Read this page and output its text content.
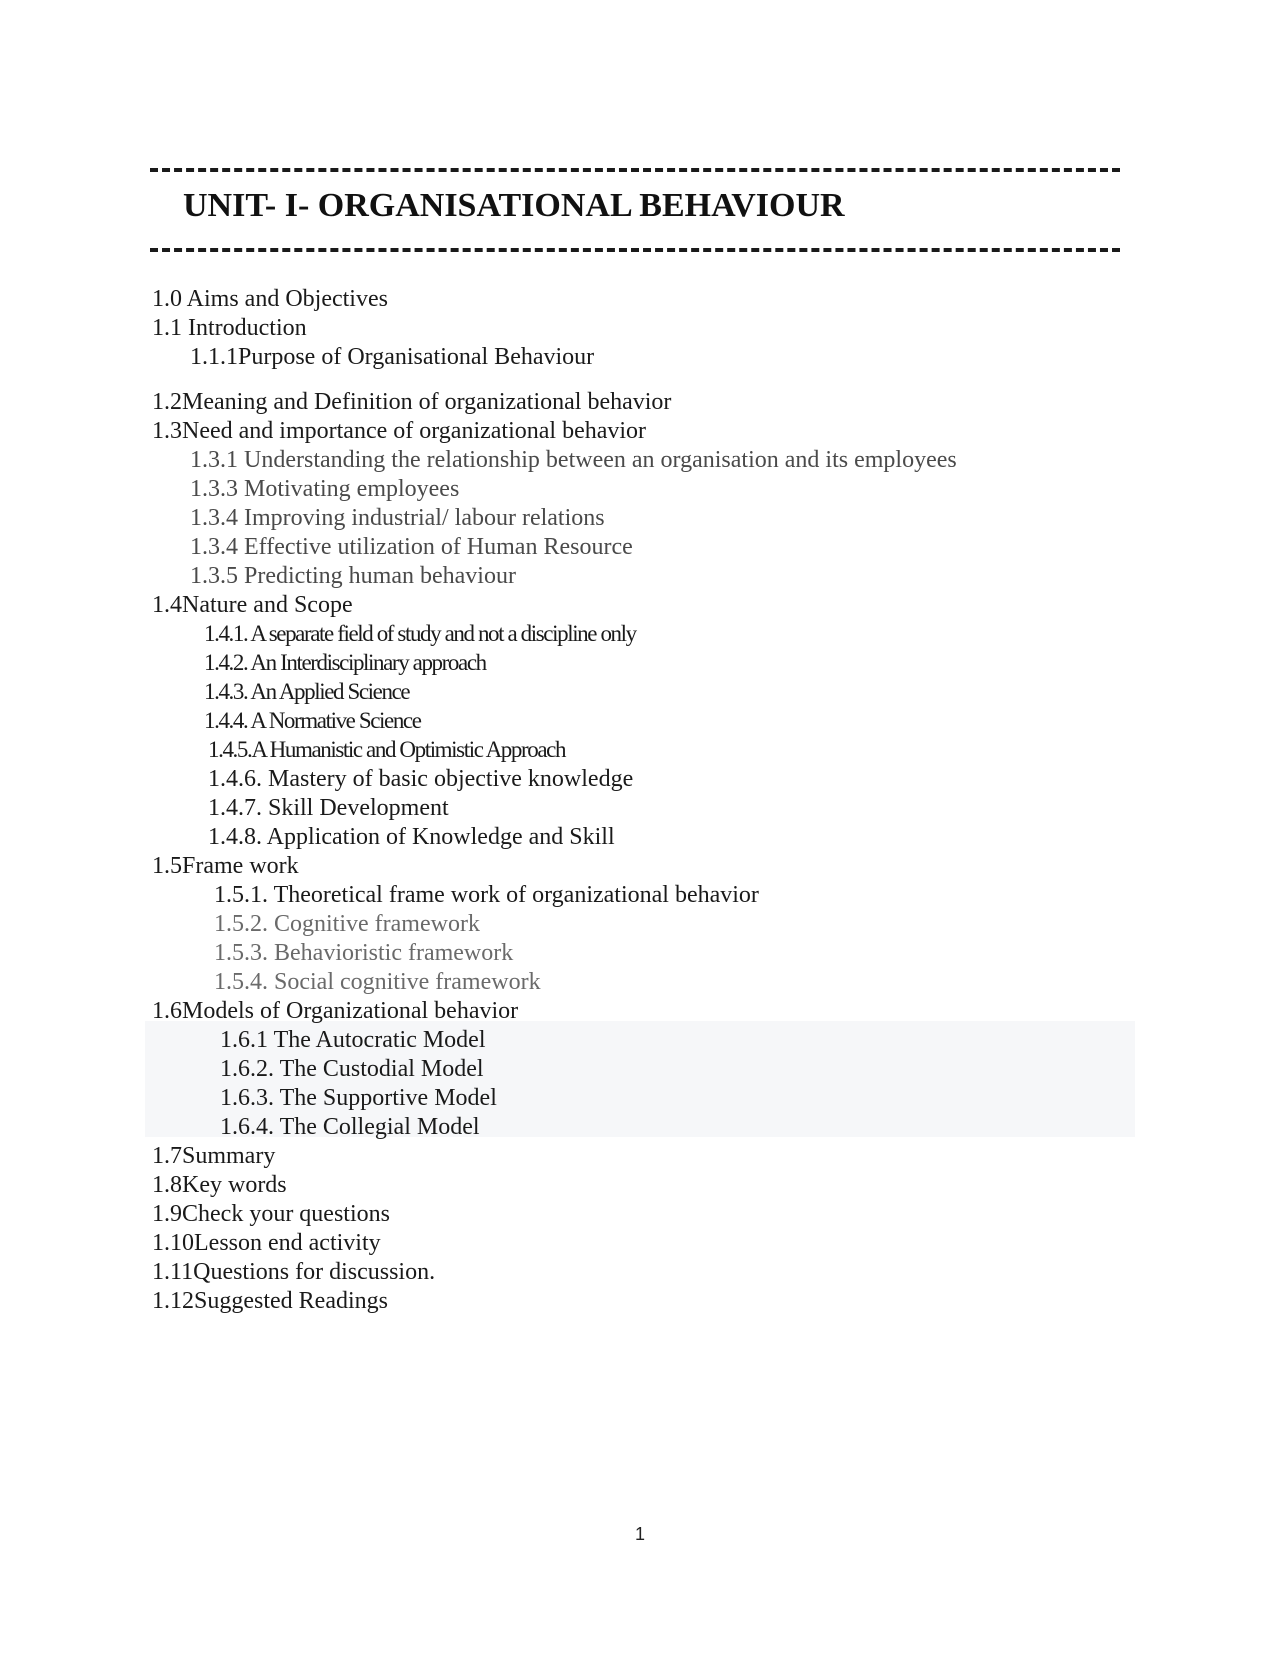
UNIT- I- ORGANISATIONAL BEHAVIOUR
1.0 Aims and Objectives
1.1 Introduction
1.1.1Purpose of Organisational Behaviour
1.2Meaning and Definition of organizational behavior
1.3Need and importance of organizational behavior
1.3.1 Understanding the relationship between an organisation and its employees
1.3.3 Motivating employees
1.3.4 Improving industrial/ labour relations
1.3.4 Effective utilization of Human Resource
1.3.5 Predicting human behaviour
1.4Nature and Scope
1.4.1. A separate field of study and not a discipline only
1.4.2. An Interdisciplinary approach
1.4.3. An Applied Science
1.4.4. A Normative Science
1.4.5.A Humanistic and Optimistic Approach
1.4.6. Mastery of basic objective knowledge
1.4.7. Skill Development
1.4.8. Application of Knowledge and Skill
1.5Frame work
1.5.1. Theoretical frame work of organizational behavior
1.5.2. Cognitive framework
1.5.3. Behavioristic framework
1.5.4. Social cognitive framework
1.6Models of Organizational behavior
1.6.1 The Autocratic Model
1.6.2. The Custodial Model
1.6.3. The Supportive Model
1.6.4. The Collegial Model
1.7Summary
1.8Key words
1.9Check your questions
1.10Lesson end activity
1.11Questions for discussion.
1.12Suggested Readings
1
